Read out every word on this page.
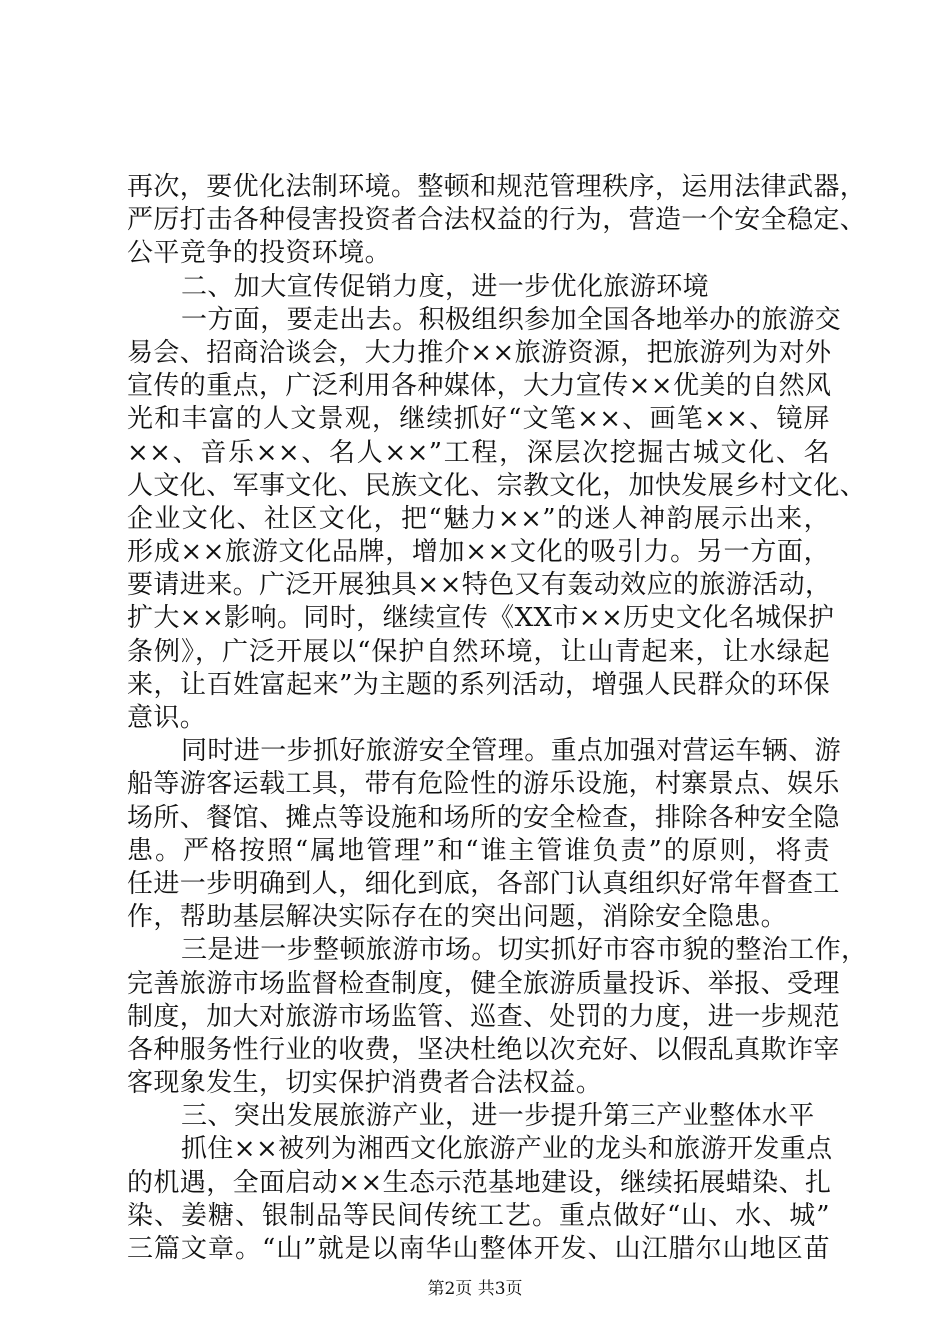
再次，要优化法制环境。整顿和规范管理秩序，运用法律武器，
严厉打击各种侵害投资者合法权益的行为，营造一个安全稳定、
公平竞争的投资环境。
二、加大宣传促销力度，进一步优化旅游环境
一方面，要走出去。积极组织参加全国各地举办的旅游交
易会、招商洽谈会，大力推介××旅游资源，把旅游列为对外
宣传的重点，广泛利用各种媒体，大力宣传××优美的自然风
光和丰富的人文景观，继续抓好“文笔××、画笔××、镜屏
××、音乐××、名人××”工程，深层次挖掘古城文化、名
人文化、军事文化、民族文化、宗教文化，加快发展乡村文化、
企业文化、社区文化，把“魅力××”的迷人神韵展示出来，
形成××旅游文化品牌，增加××文化的吸引力。另一方面，
要请进来。广泛开展独具××特色又有轰动效应的旅游活动，
扩大××影响。同时，继续宣传《XX市××历史文化名城保护
条例》，广泛开展以“保护自然环境，让山青起来，让水绿起
来，让百姓富起来”为主题的系列活动，增强人民群众的环保
意识。
同时进一步抓好旅游安全管理。重点加强对营运车辆、游
船等游客运载工具，带有危险性的游乐设施，村寨景点、娱乐
场所、餐馆、摊点等设施和场所的安全检查，排除各种安全隐
患。严格按照“属地管理”和“谁主管谁负责”的原则，将责
任进一步明确到人，细化到底，各部门认真组织好常年督查工
作，帮助基层解决实际存在的突出问题，消除安全隐患。
三是进一步整顿旅游市场。切实抓好市容市貌的整治工作，
完善旅游市场监督检查制度，健全旅游质量投诉、举报、受理
制度，加大对旅游市场监管、巡查、处罚的力度，进一步规范
各种服务性行业的收费，坚决杜绝以次充好、以假乱真欺诈宰
客现象发生，切实保护消费者合法权益。
三、突出发展旅游产业，进一步提升第三产业整体水平
抓住××被列为湘西文化旅游产业的龙头和旅游开发重点
的机遇，全面启动××生态示范基地建设，继续拓展蜡染、扎
染、姜糖、银制品等民间传统工艺。重点做好“山、水、城”
三篇文章。“山”就是以南华山整体开发、山江腊尔山地区苗
第2页 共3页
